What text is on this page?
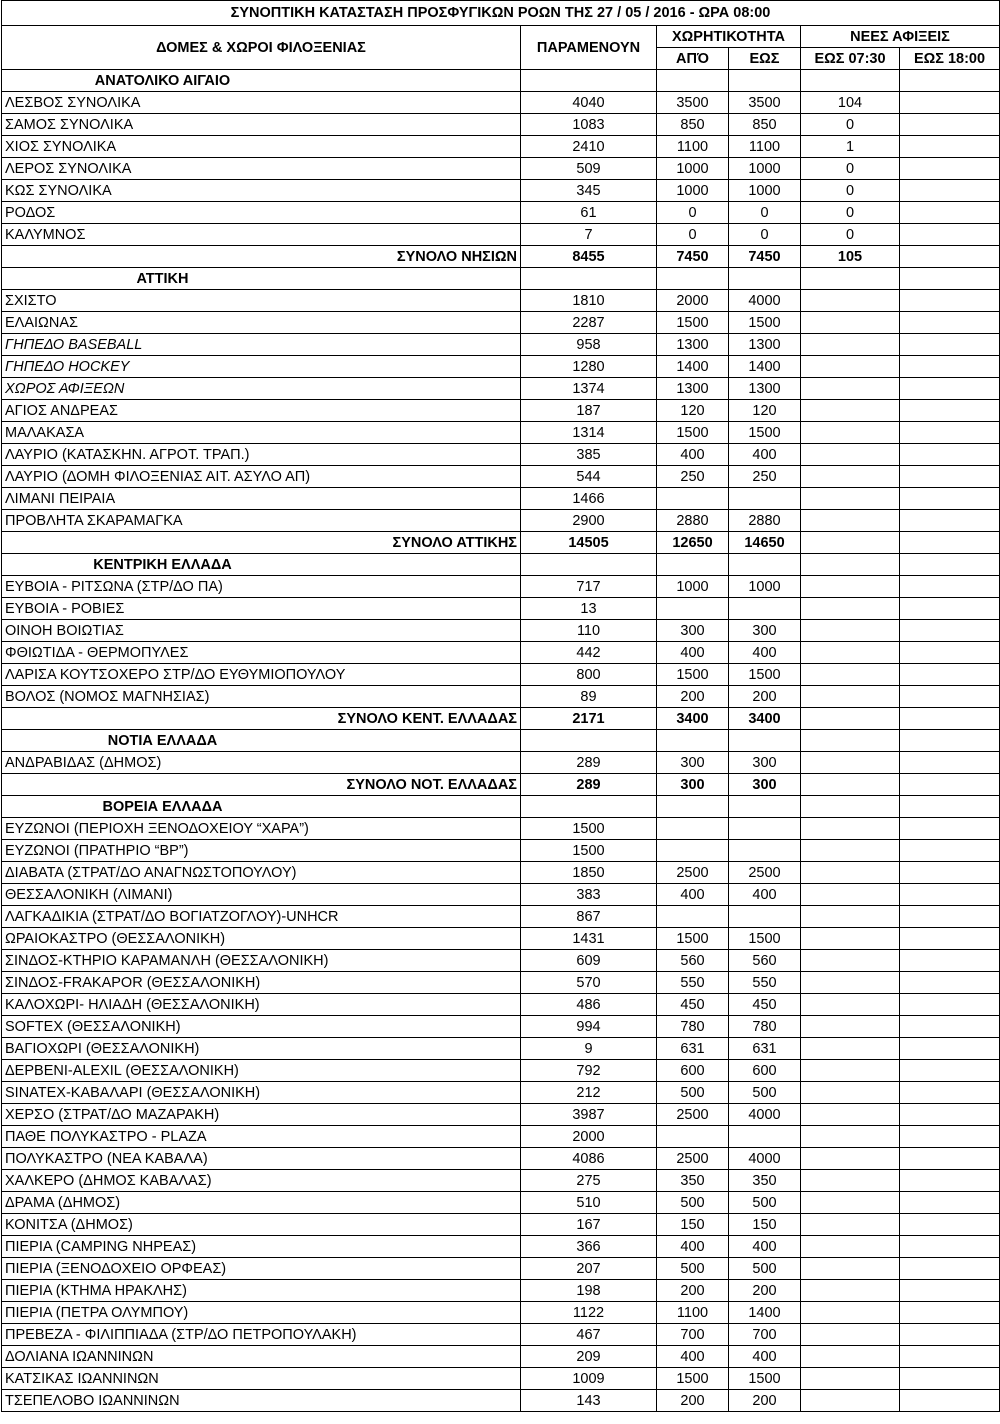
ΣΥΝΟΠΤΙΚΗ ΚΑΤΑΣΤΑΣΗ ΠΡΟΣΦΥΓΙΚΩΝ ΡΟΩΝ ΤΗΣ 27 / 05 / 2016 - ΩΡΑ 08:00					
ΔΟΜΕΣ & ΧΩΡΟΙ ΦΙΛΟΞΕΝΙΑΣ	ΠΑΡΑΜΕΝΟΥΝ	ΧΩΡΗΤΙΚΟΤΗΤΑ		ΝΕΕΣ ΑΦΙΞΕΙΣ	
		ΑΠΌ	ΕΩΣ	ΕΩΣ 07:30	ΕΩΣ 18:00
ΑΝΑΤΟΛΙΚΟ ΑΙΓΑΙΟ					
ΛΕΣΒΟΣ ΣΥΝΟΛΙΚΑ	4040	3500	3500	104	
ΣΑΜΟΣ ΣΥΝΟΛΙΚΑ	1083	850	850	0	
ΧΙΟΣ ΣΥΝΟΛΙΚΑ	2410	1100	1100	1	
ΛΕΡΟΣ ΣΥΝΟΛΙΚΑ	509	1000	1000	0	
ΚΩΣ ΣΥΝΟΛΙΚΑ	345	1000	1000	0	
ΡΟΔΟΣ	61	0	0	0	
ΚΑΛΥΜΝΟΣ	7	0	0	0	
ΣΥΝΟΛΟ ΝΗΣΙΩΝ	8455	7450	7450	105	
ΑΤΤΙΚΗ					
ΣΧΙΣΤΟ	1810	2000	4000		
ΕΛΑΙΩΝΑΣ	2287	1500	1500		
ΓΗΠΕΔΟ BASEBALL	958	1300	1300		
ΓΗΠΕΔΟ HOCKEY	1280	1400	1400		
ΧΩΡΟΣ ΑΦΙΞΕΩΝ	1374	1300	1300		
ΑΓΙΟΣ ΑΝΔΡΕΑΣ	187	120	120		
ΜΑΛΑΚΑΣΑ	1314	1500	1500		
ΛΑΥΡΙΟ (ΚΑΤΑΣΚΗΝ. ΑΓΡΟΤ. ΤΡΑΠ.)	385	400	400		
ΛΑΥΡΙΟ (ΔΟΜΗ ΦΙΛΟΞΕΝΙΑΣ ΑΙΤ. ΑΣΥΛΟ ΑΠ)	544	250	250		
ΛΙΜΑΝΙ ΠΕΙΡΑΙΑ	1466				
ΠΡΟΒΛΗΤΑ ΣΚΑΡΑΜΑΓΚΑ	2900	2880	2880		
ΣΥΝΟΛΟ ΑΤΤΙΚΗΣ	14505	12650	14650		
ΚΕΝΤΡΙΚΗ ΕΛΛΑΔΑ					
ΕΥΒΟΙΑ - ΡΙΤΣΩΝΑ (ΣΤΡ/ΔΟ ΠΑ)	717	1000	1000		
ΕΥΒΟΙΑ - ΡΟΒΙΕΣ	13				
ΟΙΝΟΗ ΒΟΙΩΤΙΑΣ	110	300	300		
ΦΘΙΩΤΙΔΑ - ΘΕΡΜΟΠΥΛΕΣ	442	400	400		
ΛΑΡΙΣΑ ΚΟΥΤΣΟΧΕΡΟ ΣΤΡ/ΔΟ ΕΥΘΥΜΙΟΠΟΥΛΟΥ	800	1500	1500		
ΒΟΛΟΣ (ΝΟΜΟΣ ΜΑΓΝΗΣΙΑΣ)	89	200	200		
ΣΥΝΟΛΟ ΚΕΝΤ. ΕΛΛΑΔΑΣ	2171	3400	3400		
ΝΟΤΙΑ ΕΛΛΑΔΑ					
ΑΝΔΡΑΒΙΔΑΣ (ΔΗΜΟΣ)	289	300	300		
ΣΥΝΟΛΟ ΝΟΤ. ΕΛΛΑΔΑΣ	289	300	300		
ΒΟΡΕΙΑ ΕΛΛΑΔΑ					
ΕΥΖΩΝΟΙ (ΠΕΡΙΟΧΗ ΞΕΝΟΔΟΧΕΙΟΥ “ΧΑΡΑ”)	1500				
ΕΥΖΩΝΟΙ (ΠΡΑΤΗΡΙΟ “BP”)	1500				
ΔΙΑΒΑΤΑ (ΣΤΡΑΤ/ΔΟ ΑΝΑΓΝΩΣΤΟΠΟΥΛΟΥ)	1850	2500	2500		
ΘΕΣΣΑΛΟΝΙΚΗ (ΛΙΜΑΝΙ)	383	400	400		
ΛΑΓΚΑΔΙΚΙΑ (ΣΤΡΑΤ/ΔΟ ΒΟΓΙΑΤΖΟΓΛΟΥ)-UNHCR	867				
ΩΡΑΙΟΚΑΣΤΡΟ (ΘΕΣΣΑΛΟΝΙΚΗ)	1431	1500	1500		
ΣΙΝΔΟΣ-ΚΤΗΡΙΟ ΚΑΡΑΜΑΝΛΗ (ΘΕΣΣΑΛΟΝΙΚΗ)	609	560	560		
ΣΙΝΔΟΣ-FRAKAPOR (ΘΕΣΣΑΛΟΝΙΚΗ)	570	550	550		
ΚΑΛΟΧΩΡΙ- ΗΛΙΑΔΗ (ΘΕΣΣΑΛΟΝΙΚΗ)	486	450	450		
SOFTEX (ΘΕΣΣΑΛΟΝΙΚΗ)	994	780	780		
ΒΑΓΙΟΧΩΡΙ (ΘΕΣΣΑΛΟΝΙΚΗ)	9	631	631		
ΔΕΡΒΕΝΙ-ALEXIL (ΘΕΣΣΑΛΟΝΙΚΗ)	792	600	600		
SINATEX-ΚΑΒΑΛΑΡΙ (ΘΕΣΣΑΛΟΝΙΚΗ)	212	500	500		
ΧΕΡΣΟ (ΣΤΡΑΤ/ΔΟ ΜΑΖΑΡΑΚΗ)	3987	2500	4000		
ΠΑΘΕ ΠΟΛΥΚΑΣΤΡΟ - PLAZA	2000				
ΠΟΛΥΚΑΣΤΡΟ (ΝΕΑ ΚΑΒΑΛΑ)	4086	2500	4000		
ΧΑΛΚΕΡΟ (ΔΗΜΟΣ ΚΑΒΑΛΑΣ)	275	350	350		
ΔΡΑΜΑ (ΔΗΜΟΣ)	510	500	500		
ΚΟΝΙΤΣΑ (ΔΗΜΟΣ)	167	150	150		
ΠΙΕΡΙΑ (CAMPING ΝΗΡΕΑΣ)	366	400	400		
ΠΙΕΡΙΑ (ΞΕΝΟΔΟΧΕΙΟ ΟΡΦΕΑΣ)	207	500	500		
ΠΙΕΡΙΑ (ΚΤΗΜΑ ΗΡΑΚΛΗΣ)	198	200	200		
ΠΙΕΡΙΑ (ΠΕΤΡΑ ΟΛΥΜΠΟΥ)	1122	1100	1400		
ΠΡΕΒΕΖΑ - ΦΙΛΙΠΠΙΑΔΑ (ΣΤΡ/ΔΟ ΠΕΤΡΟΠΟΥΛΑΚΗ)	467	700	700		
ΔΟΛΙΑΝΑ ΙΩΑΝΝΙΝΩΝ	209	400	400		
ΚΑΤΣΙΚΑΣ ΙΩΑΝΝΙΝΩΝ	1009	1500	1500		
ΤΣΕΠΕΛΟΒΟ ΙΩΑΝΝΙΝΩΝ	143	200	200		
